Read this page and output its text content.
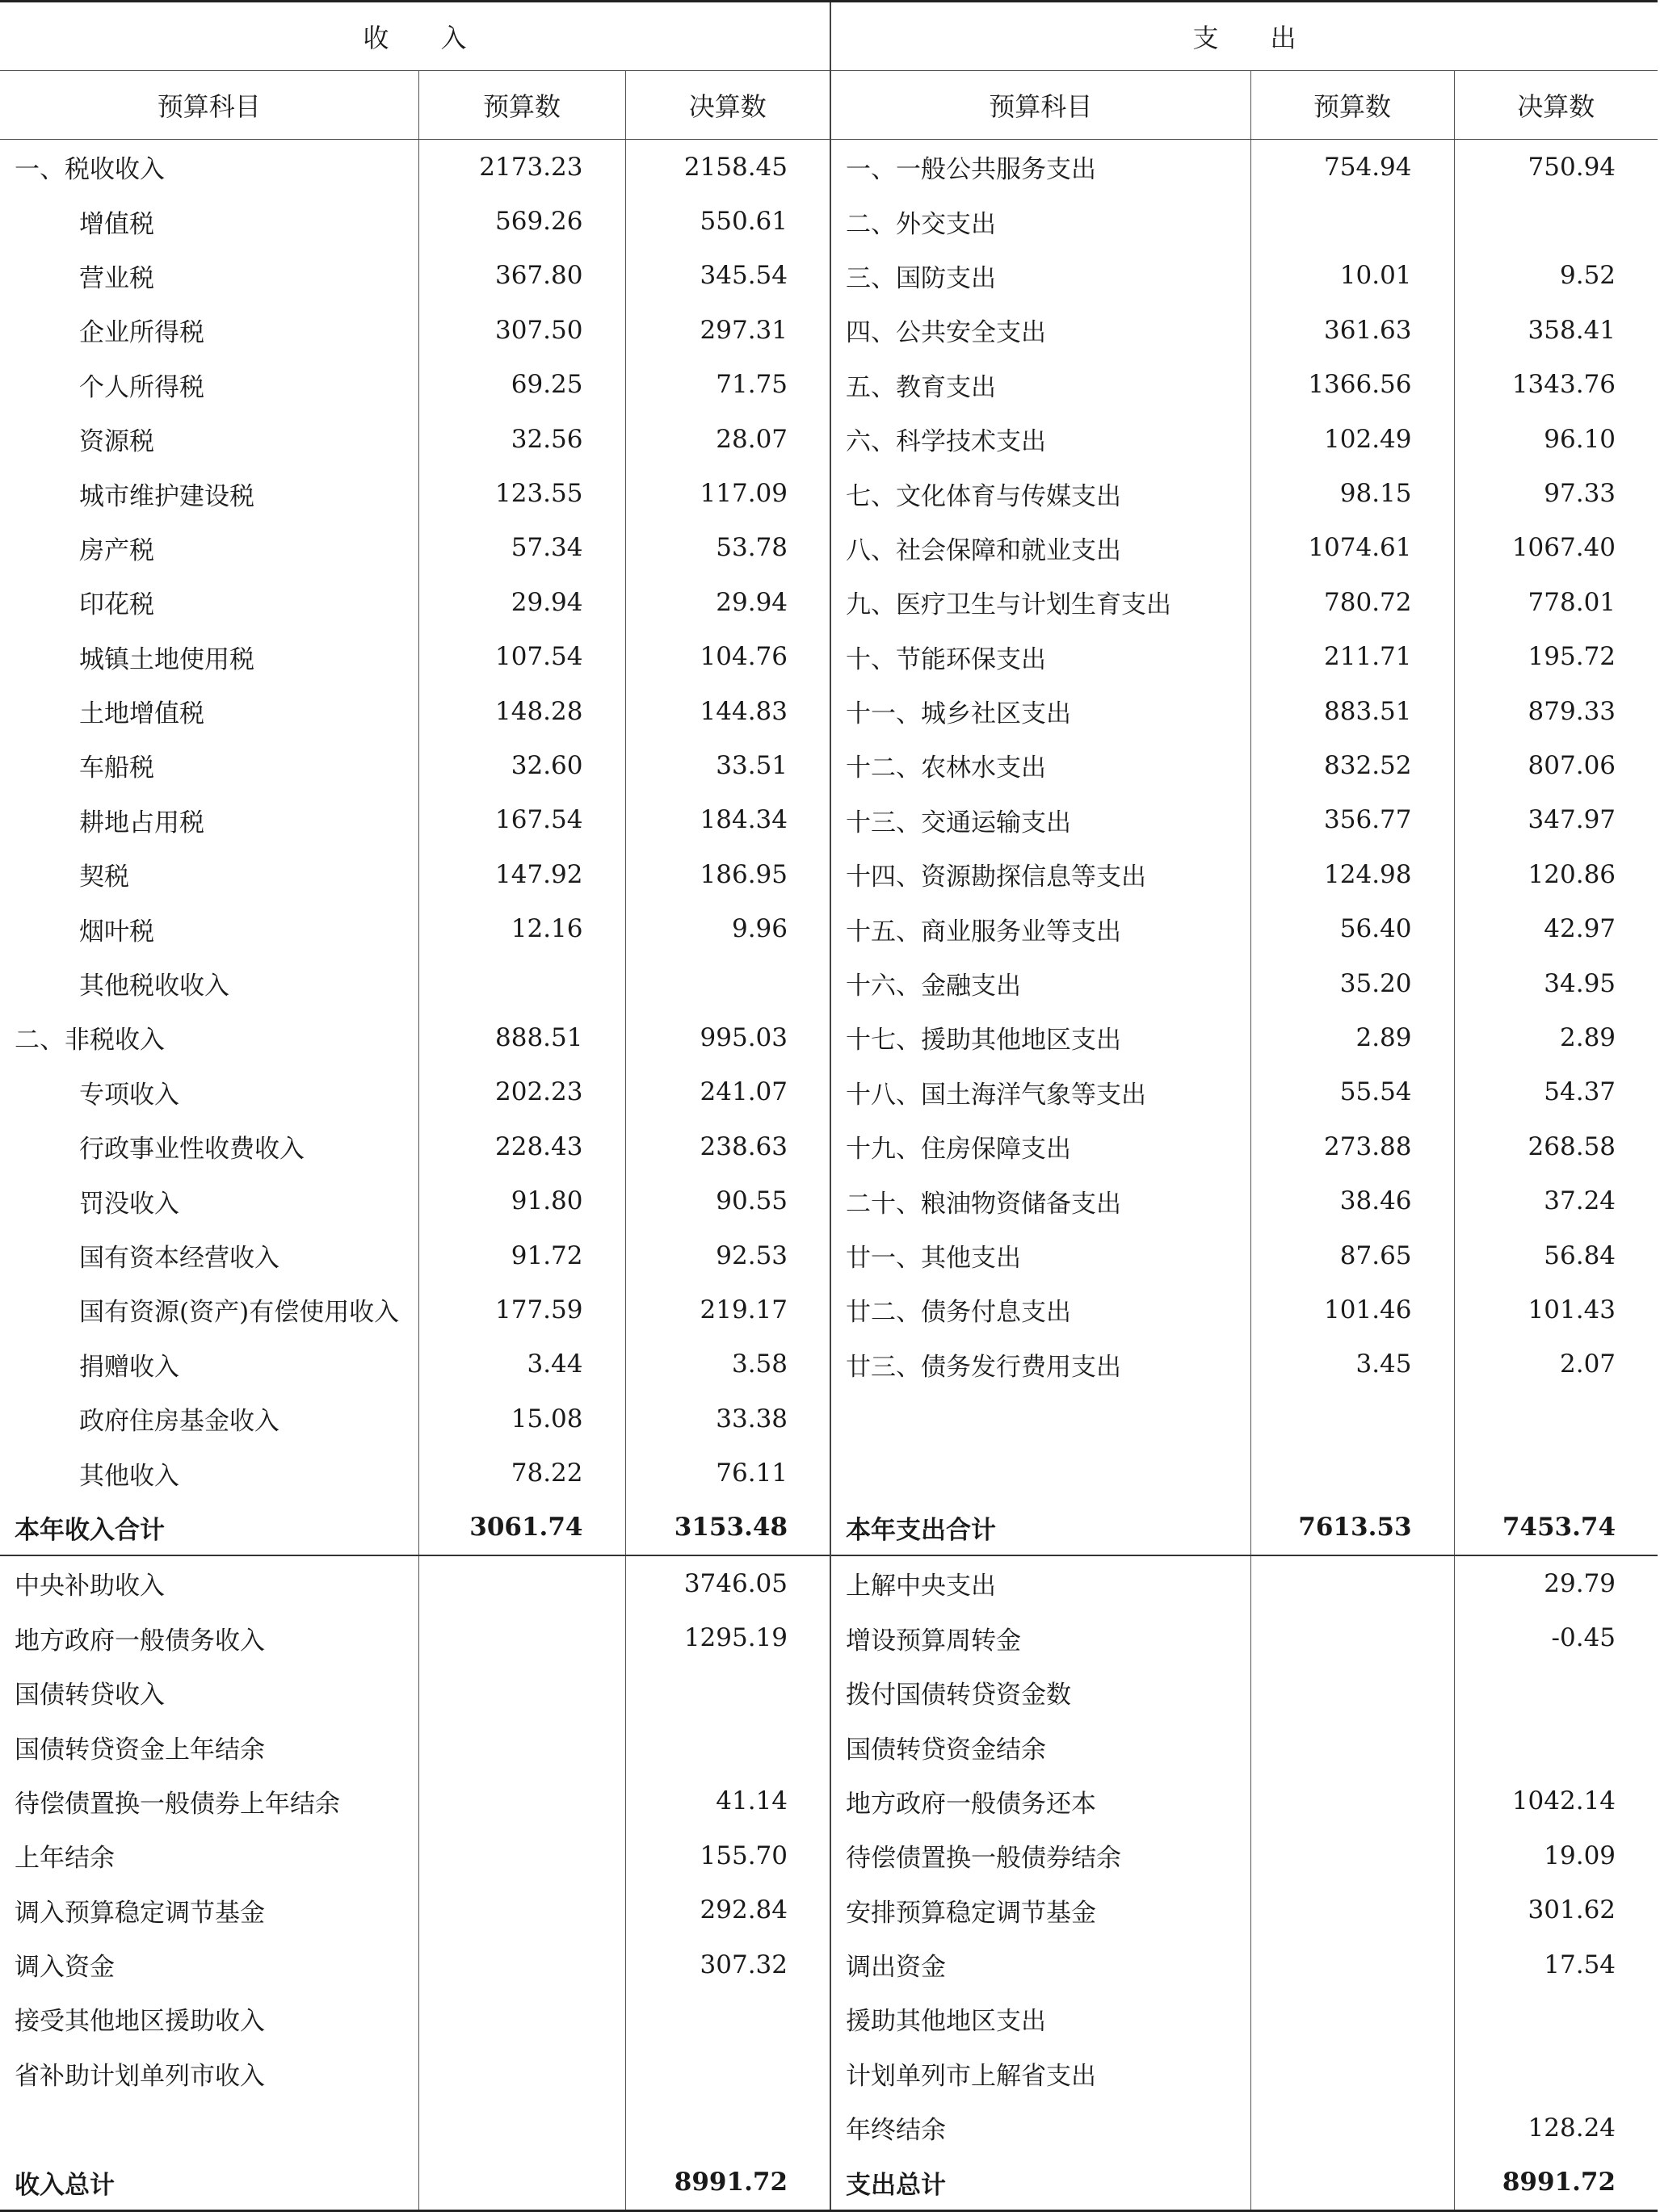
收　　入			支　　出		
预算科目	预算数	决算数	预算科目	预算数	决算数
一、税收收入	2173.23	2158.45	一、一般公共服务支出	754.94	750.94
增值税	569.26	550.61	二、外交支出		
营业税	367.80	345.54	三、国防支出	10.01	9.52
企业所得税	307.50	297.31	四、公共安全支出	361.63	358.41
个人所得税	69.25	71.75	五、教育支出	1366.56	1343.76
资源税	32.56	28.07	六、科学技术支出	102.49	96.10
城市维护建设税	123.55	117.09	七、文化体育与传媒支出	98.15	97.33
房产税	57.34	53.78	八、社会保障和就业支出	1074.61	1067.40
印花税	29.94	29.94	九、医疗卫生与计划生育支出	780.72	778.01
城镇土地使用税	107.54	104.76	十、节能环保支出	211.71	195.72
土地增值税	148.28	144.83	十一、城乡社区支出	883.51	879.33
车船税	32.60	33.51	十二、农林水支出	832.52	807.06
耕地占用税	167.54	184.34	十三、交通运输支出	356.77	347.97
契税	147.92	186.95	十四、资源勘探信息等支出	124.98	120.86
烟叶税	12.16	9.96	十五、商业服务业等支出	56.40	42.97
其他税收收入			十六、金融支出	35.20	34.95
二、非税收入	888.51	995.03	十七、援助其他地区支出	2.89	2.89
专项收入	202.23	241.07	十八、国土海洋气象等支出	55.54	54.37
行政事业性收费收入	228.43	238.63	十九、住房保障支出	273.88	268.58
罚没收入	91.80	90.55	二十、粮油物资储备支出	38.46	37.24
国有资本经营收入	91.72	92.53	廿一、其他支出	87.65	56.84
国有资源(资产)有偿使用收入	177.59	219.17	廿二、债务付息支出	101.46	101.43
捐赠收入	3.44	3.58	廿三、债务发行费用支出	3.45	2.07
政府住房基金收入	15.08	33.38			
其他收入	78.22	76.11			
本年收入合计	3061.74	3153.48	本年支出合计	7613.53	7453.74
中央补助收入		3746.05	上解中央支出		29.79
地方政府一般债务收入		1295.19	增设预算周转金		-0.45
国债转贷收入			拨付国债转贷资金数		
国债转贷资金上年结余			国债转贷资金结余		
待偿债置换一般债券上年结余		41.14	地方政府一般债务还本		1042.14
上年结余		155.70	待偿债置换一般债券结余		19.09
调入预算稳定调节基金		292.84	安排预算稳定调节基金		301.62
调入资金		307.32	调出资金		17.54
接受其他地区援助收入			援助其他地区支出		
省补助计划单列市收入			计划单列市上解省支出		
			年终结余		128.24
收入总计		8991.72	支出总计		8991.72
